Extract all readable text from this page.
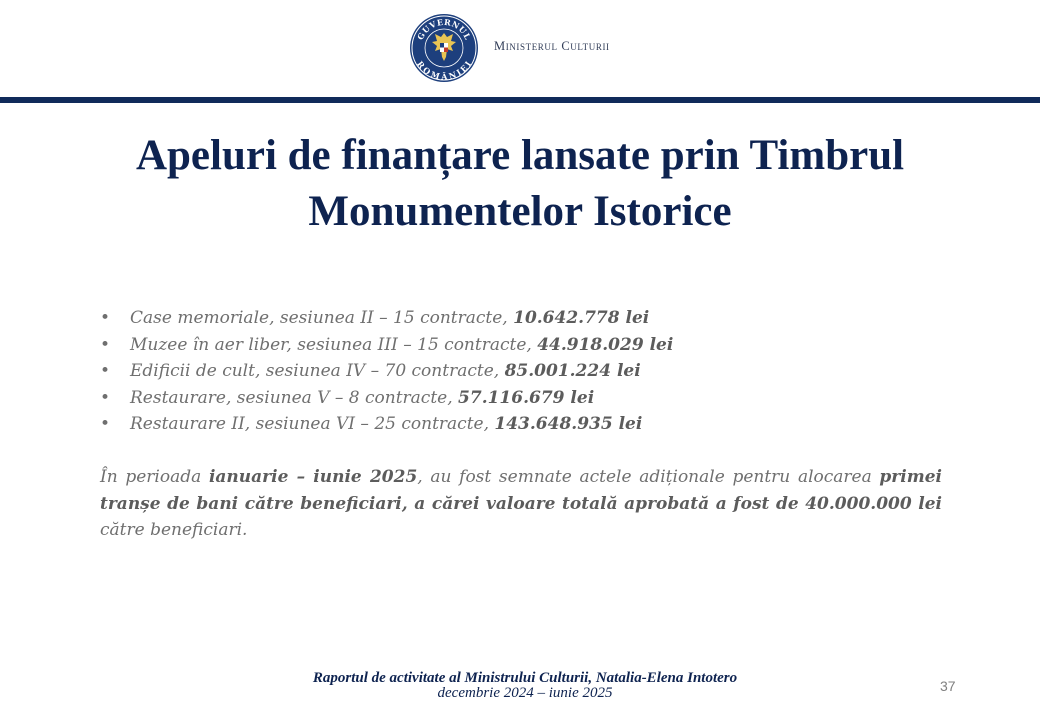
GUVERNUL
ROMÂNIEI
Ministerul Culturii
Apeluri de finanțare lansate prin Timbrul
Monumentelor Istorice
• Case memoriale, sesiunea II – 15 contracte, 10.642.778 lei
• Muzee în aer liber, sesiunea III – 15 contracte, 44.918.029 lei
• Edificii de cult, sesiunea IV – 70 contracte, 85.001.224 lei
• Restaurare, sesiunea V – 8 contracte, 57.116.679 lei
• Restaurare II, sesiunea VI – 25 contracte, 143.648.935 lei

În perioada ianuarie – iunie 2025, au fost semnate actele adiționale pentru alocarea primei tranșe de bani către beneficiari, a cărei valoare totală aprobată a fost de 40.000.000 lei către beneficiari.

Raportul de activitate al Ministrului Culturii, Natalia-Elena Intotero
decembrie 2024 – iunie 2025	37
